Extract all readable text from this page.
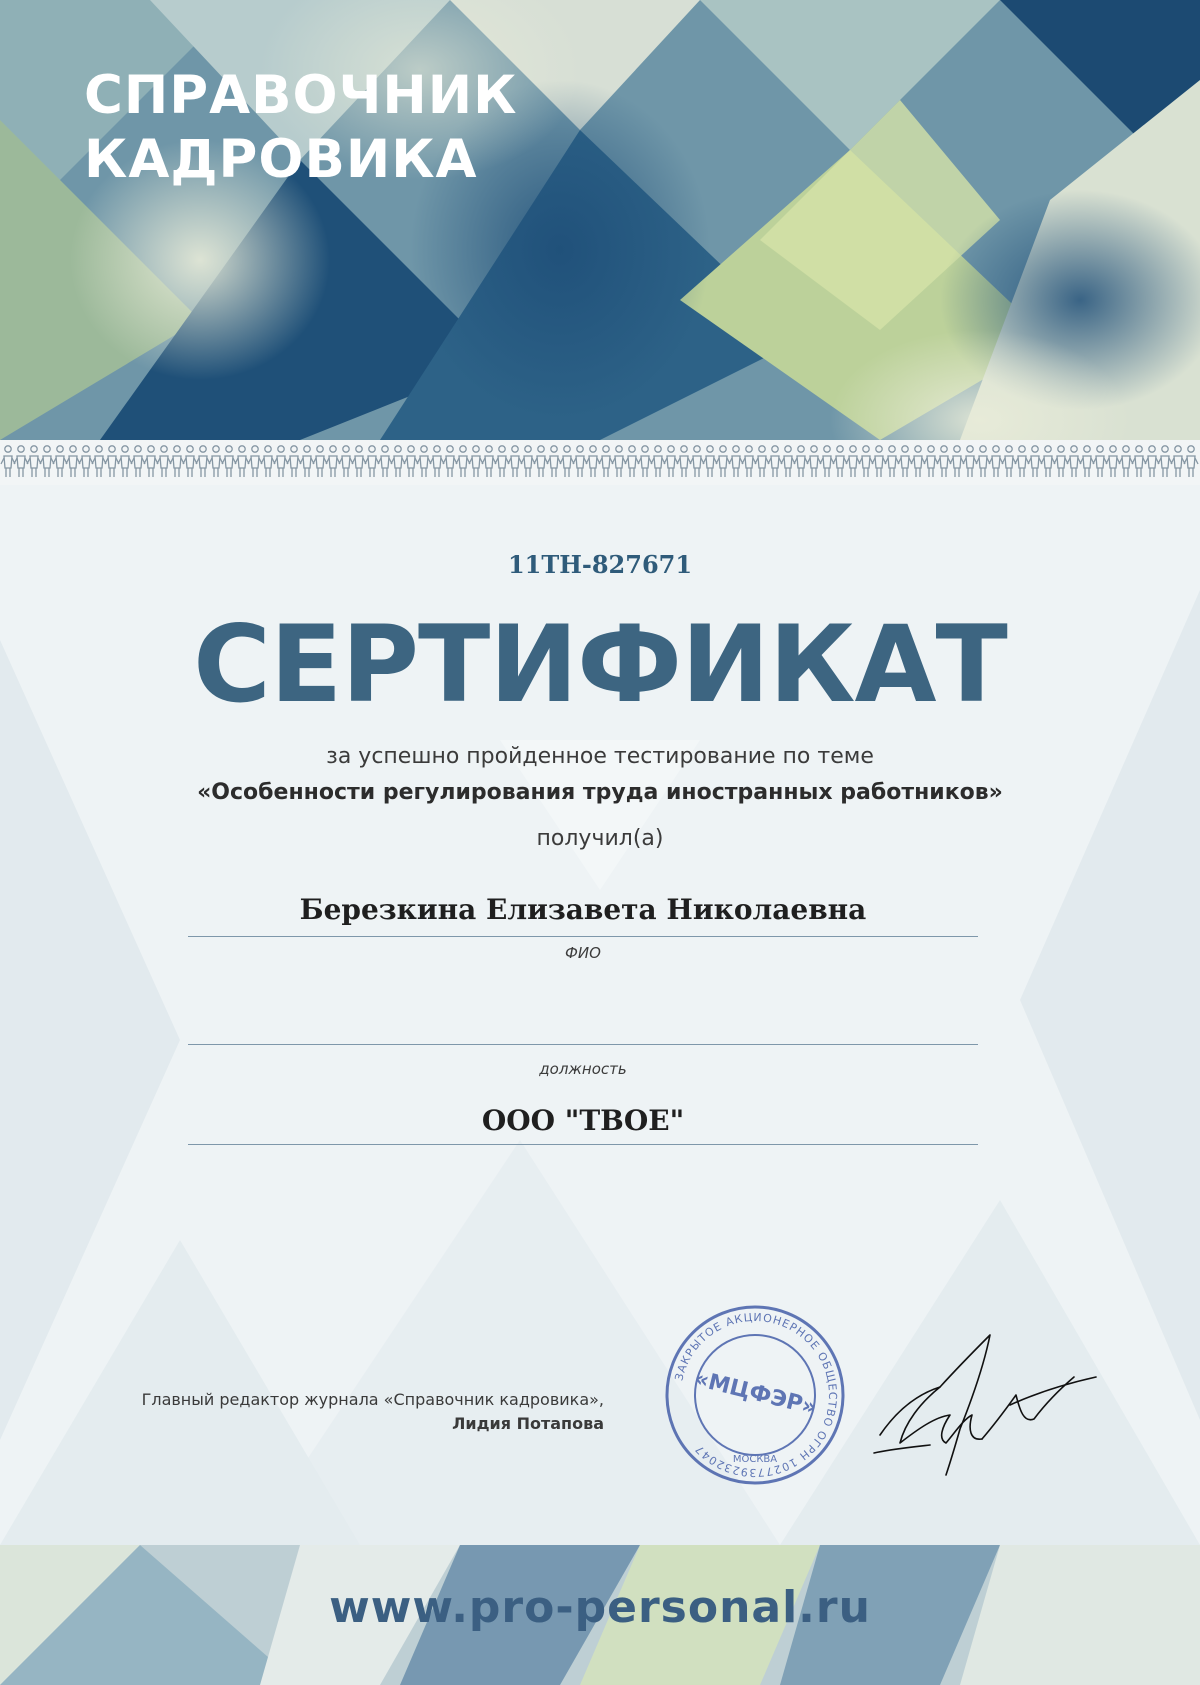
СПРАВОЧНИК
КАДРОВИКА
11TH-827671
СЕРТИФИКАТ
за успешно пройденное тестирование по теме
«Особенности регулирования труда иностранных работников»
получил(а)
Березкина Елизавета Николаевна
ФИО
должность
ООО "ТВОЕ"
Главный редактор журнала «Справочник кадровика»,
Лидия Потапова
ЗАКРЫТОЕ АКЦИОНЕРНОЕ ОБЩЕСТВО ОГРН 1027739232047
«МЦФЭР»
МОСКВА
www.pro-personal.ru
